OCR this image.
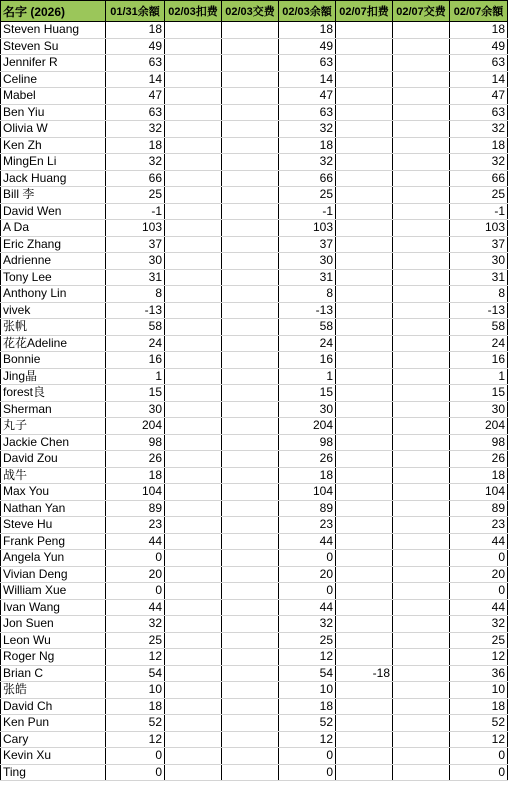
名字 (2026)	01/31余額	02/03扣费	02/03交费	02/03余額	02/07扣费	02/07交费	02/07余額
Steven Huang	18			18			18
Steven Su	49			49			49
Jennifer R	63			63			63
Celine	14			14			14
Mabel	47			47			47
Ben Yiu	63			63			63
Olivia W	32			32			32
Ken Zh	18			18			18
MingEn Li	32			32			32
Jack Huang	66			66			66
Bill 李	25			25			25
David Wen	-1			-1			-1
A Da	103			103			103
Eric Zhang	37			37			37
Adrienne	30			30			30
Tony Lee	31			31			31
Anthony Lin	8			8			8
vivek	-13			-13			-13
张帆	58			58			58
花花Adeline	24			24			24
Bonnie	16			16			16
Jing晶	1			1			1
forest良	15			15			15
Sherman	30			30			30
丸子	204			204			204
Jackie Chen	98			98			98
David Zou	26			26			26
战牛	18			18			18
Max You	104			104			104
Nathan Yan	89			89			89
Steve Hu	23			23			23
Frank Peng	44			44			44
Angela Yun	0			0			0
Vivian Deng	20			20			20
William Xue	0			0			0
Ivan Wang	44			44			44
Jon Suen	32			32			32
Leon Wu	25			25			25
Roger Ng	12			12			12
Brian C	54			54	-18		36
张皓	10			10			10
David Ch	18			18			18
Ken Pun	52			52			52
Cary	12			12			12
Kevin Xu	0			0			0
Ting	0			0			0
